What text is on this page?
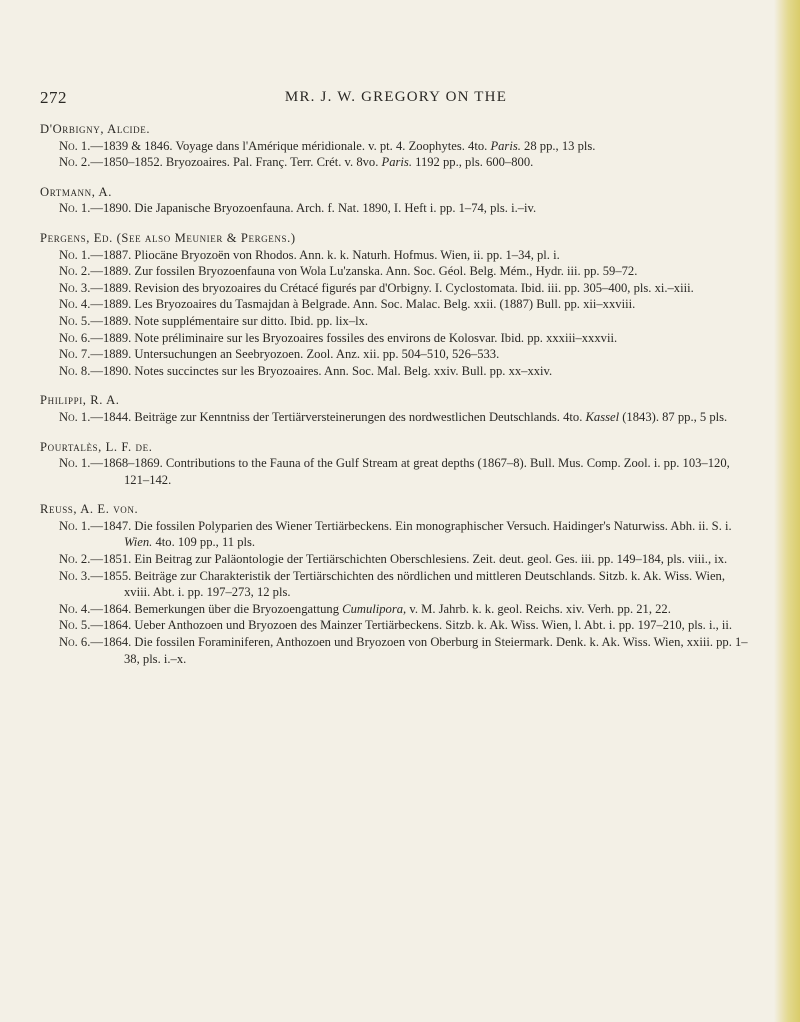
272	MR. J. W. GREGORY ON THE
D'Orbigny, Alcide.
No. 1.—1839 & 1846. Voyage dans l'Amérique méridionale. v. pt. 4. Zoophytes. 4to. Paris. 28 pp., 13 pls.
No. 2.—1850–1852. Bryozoaires. Pal. Franç. Terr. Crét. v. 8vo. Paris. 1192 pp., pls. 600–800.
Ortmann, A.
No. 1.—1890. Die Japanische Bryozoenfauna. Arch. f. Nat. 1890, I. Heft i. pp. 1–74, pls. i.–iv.
Pergens, Ed. (See also Meunier & Pergens.)
No. 1.—1887. Pliocäne Bryozoën von Rhodos. Ann. k. k. Naturh. Hofmus. Wien, ii. pp. 1–34, pl. i.
No. 2.—1889. Zur fossilen Bryozoenfauna von Wola Lu'zanska. Ann. Soc. Géol. Belg. Mém., Hydr. iii. pp. 59–72.
No. 3.—1889. Revision des bryozoaires du Crétacé figurés par d'Orbigny. I. Cyclostomata. Ibid. iii. pp. 305–400, pls. xi.–xiii.
No. 4.—1889. Les Bryozoaires du Tasmajdan à Belgrade. Ann. Soc. Malac. Belg. xxii. (1887) Bull. pp. xii–xxviii.
No. 5.—1889. Note supplémentaire sur ditto. Ibid. pp. lix–lx.
No. 6.—1889. Note préliminaire sur les Bryozoaires fossiles des environs de Kolosvar. Ibid. pp. xxxiii–xxxvii.
No. 7.—1889. Untersuchungen an Seebryozoen. Zool. Anz. xii. pp. 504–510, 526–533.
No. 8.—1890. Notes succinctes sur les Bryozoaires. Ann. Soc. Mal. Belg. xxiv. Bull. pp. xx–xxiv.
Philippi, R. A.
No. 1.—1844. Beiträge zur Kenntniss der Tertiärversteinerungen des nordwestlichen Deutschlands. 4to. Kassel (1843). 87 pp., 5 pls.
Pourtalès, L. F. de.
No. 1.—1868–1869. Contributions to the Fauna of the Gulf Stream at great depths (1867–8). Bull. Mus. Comp. Zool. i. pp. 103–120, 121–142.
Reuss, A. E. von.
No. 1.—1847. Die fossilen Polyparien des Wiener Tertiärbeckens. Ein monographischer Versuch. Haidinger's Naturwiss. Abh. ii. S. i. Wien. 4to. 109 pp., 11 pls.
No. 2.—1851. Ein Beitrag zur Paläontologie der Tertiärschichten Oberschlesiens. Zeit. deut. geol. Ges. iii. pp. 149–184, pls. viii., ix.
No. 3.—1855. Beiträge zur Charakteristik der Tertiärschichten des nördlichen und mittleren Deutschlands. Sitzb. k. Ak. Wiss. Wien, xviii. Abt. i. pp. 197–273, 12 pls.
No. 4.—1864. Bemerkungen über die Bryozoengattung Cumulipora, v. M. Jahrb. k. k. geol. Reichs. xiv. Verh. pp. 21, 22.
No. 5.—1864. Ueber Anthozoen und Bryozoen des Mainzer Tertiärbeckens. Sitzb. k. Ak. Wiss. Wien, l. Abt. i. pp. 197–210, pls. i., ii.
No. 6.—1864. Die fossilen Foraminiferen, Anthozoen und Bryozoen von Oberburg in Steiermark. Denk. k. Ak. Wiss. Wien, xxiii. pp. 1–38, pls. i.–x.
